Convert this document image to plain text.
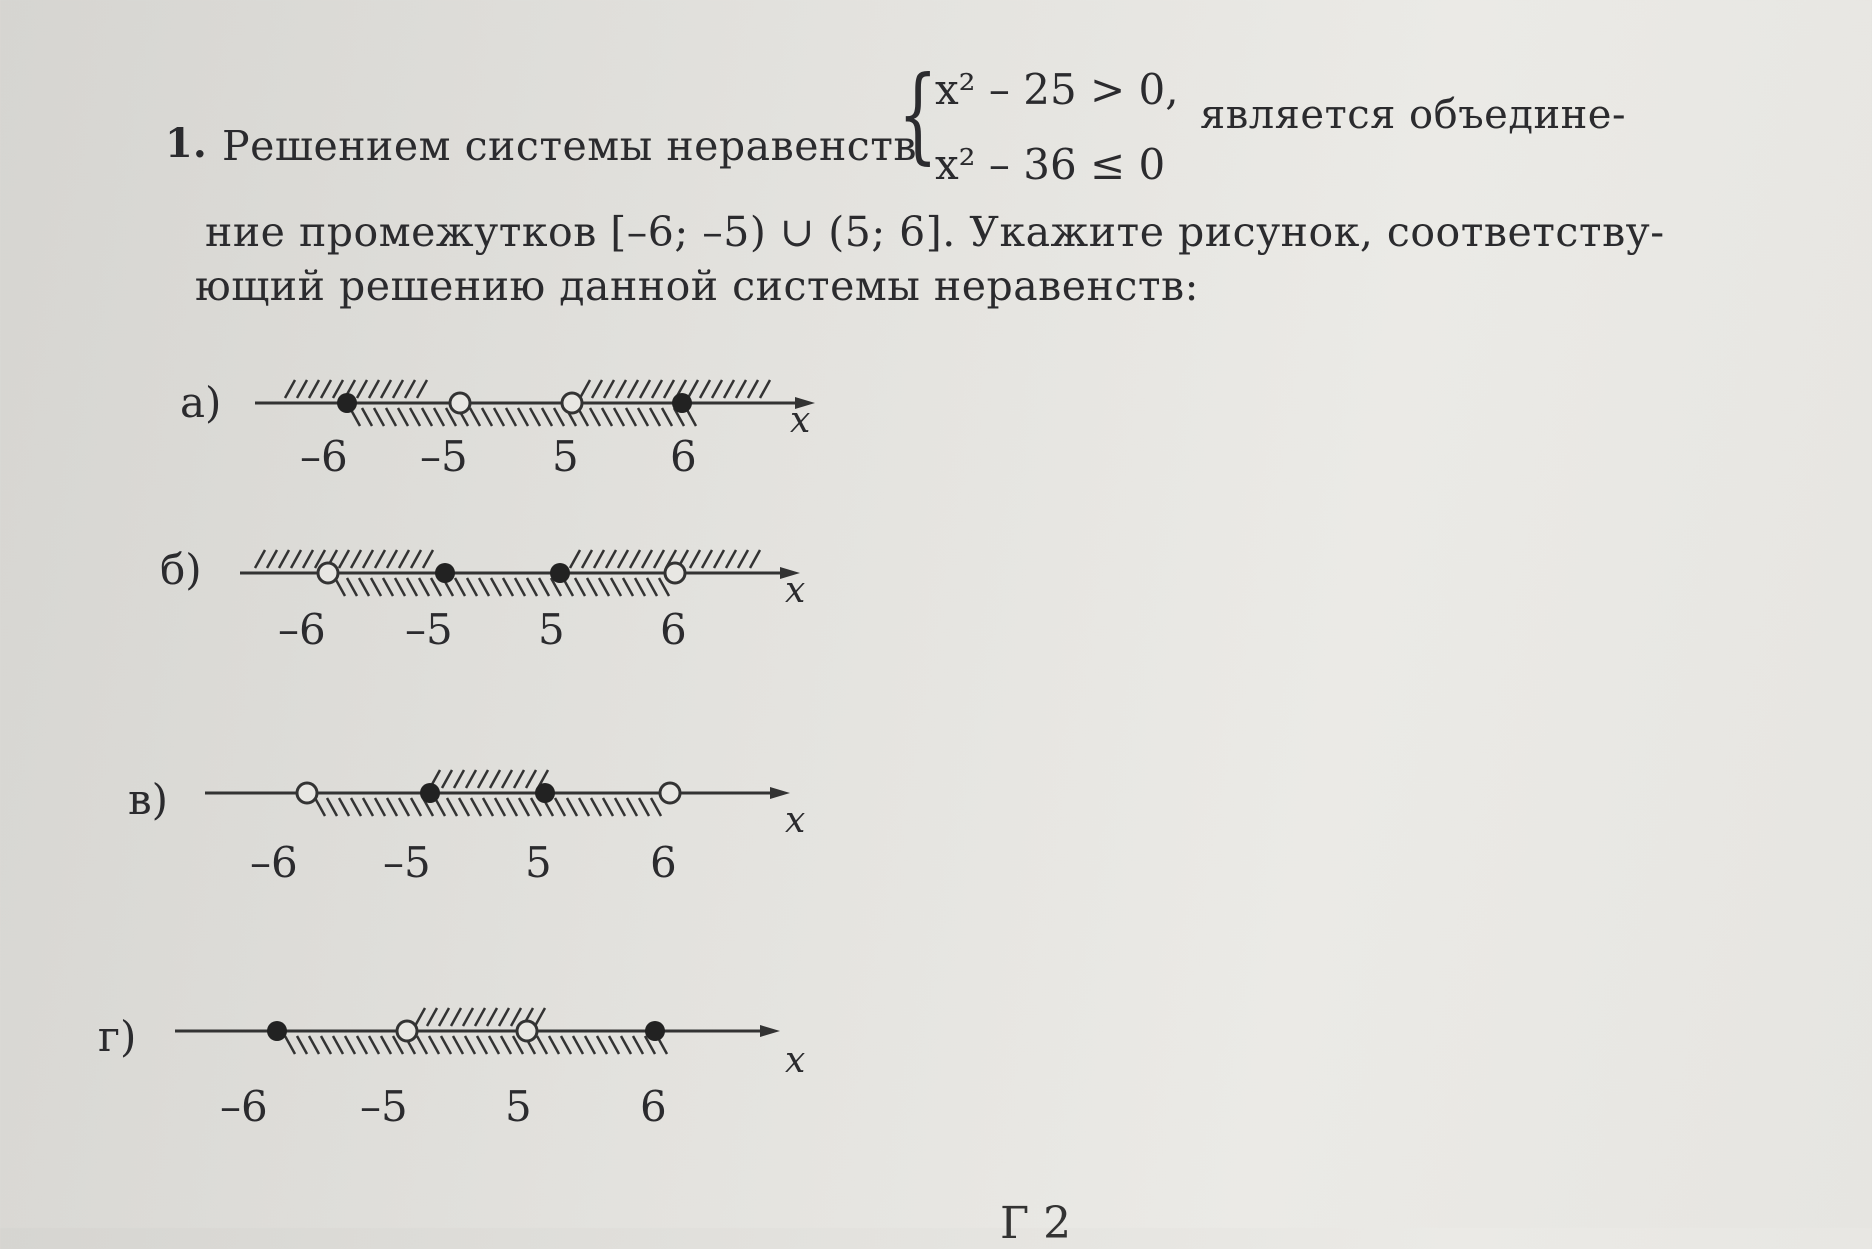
1. Решением системы неравенств
{
x² – 25 > 0,
x² – 36 ≤ 0
является объедине-
ние промежутков [–6; –5) ∪ (5; 6]. Укажите рисунок, соответству-
ющий решению данной системы неравенств:
а)
–6 –5 5 6
x
б)
–6 –5 5 6
x
в)
–6 –5 5 6
x
г)
–6 –5 5	6
x
Г 2
